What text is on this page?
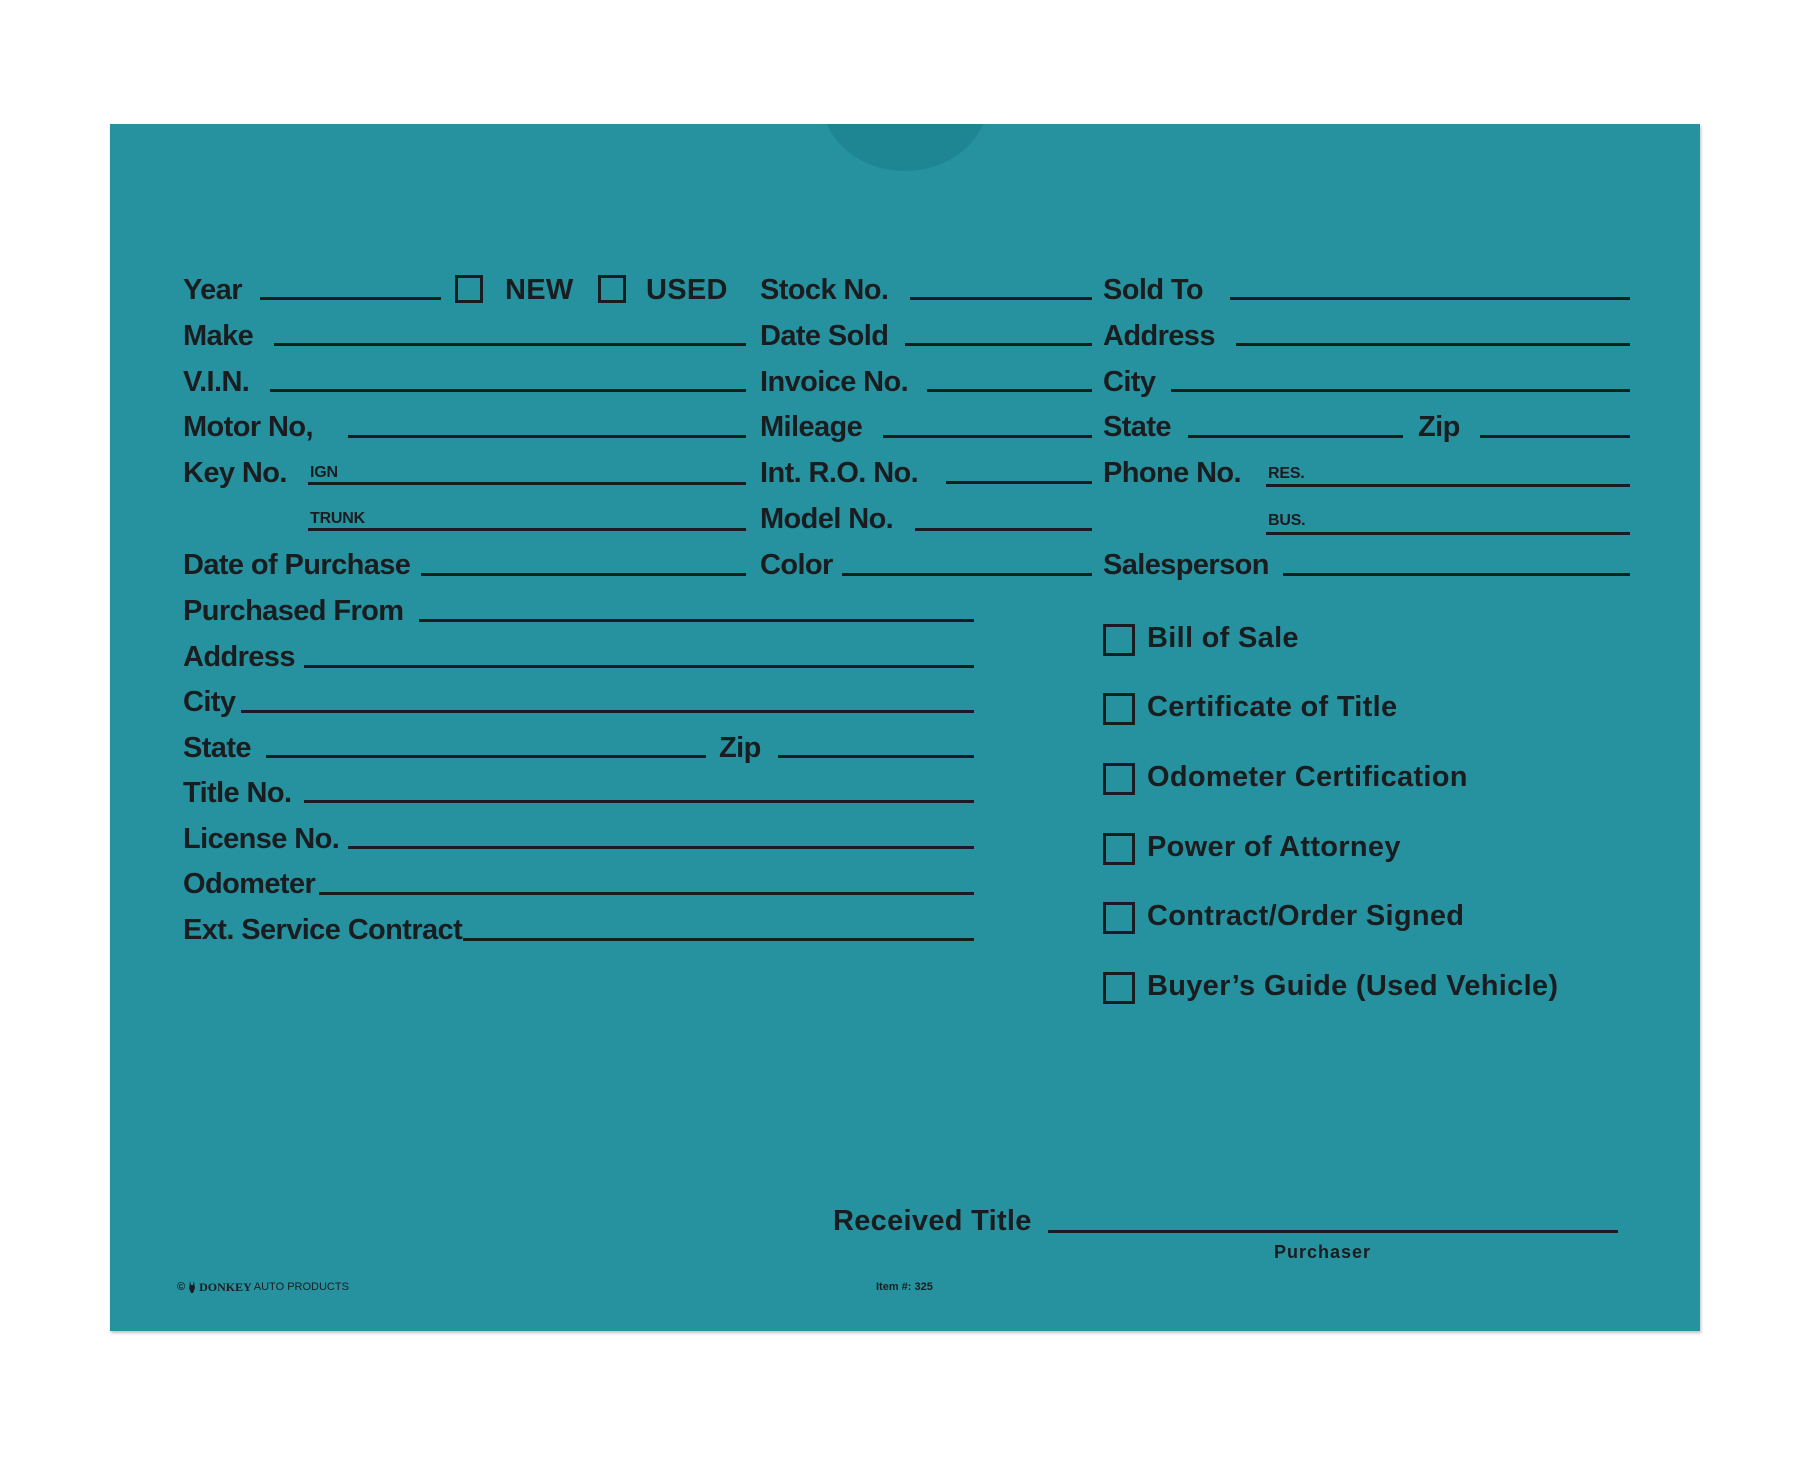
Year	NEW USED Stock No.	Sold To
Make	Date Sold	Address
V.I.N.	Invoice No.	City
Motor No,	Mileage	State	Zip
Key No. IGN	Int. R.O. No.	Phone No. RES.
TRUNK	Model No.	BUS.
Date of Purchase	Color	Salesperson
Purchased From
Address
City
State	Zip
Title No.
License No.
Odometer
Ext. Service Contract
Bill of Sale
Certificate of Title
Odometer Certification
Power of Attorney
Contract/Order Signed
Buyer’s Guide (Used Vehicle)
Received Title
Purchaser
© DONKEY AUTO PRODUCTS	Item #: 325
